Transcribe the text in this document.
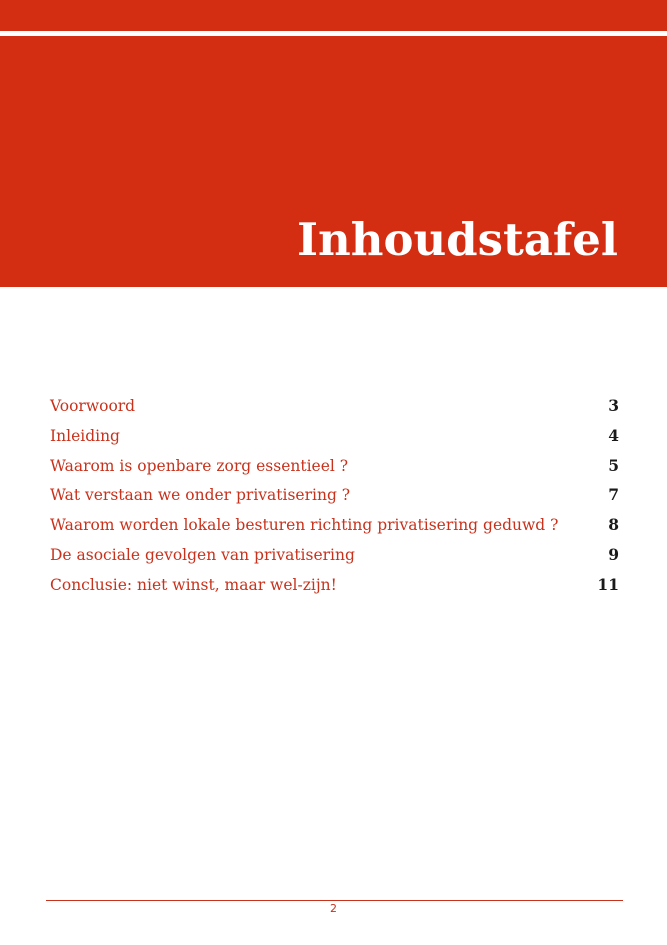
Inhoudstafel
Voorwoord	3
Inleiding	4
Waarom is openbare zorg essentieel ?	5
Wat verstaan we onder privatisering ?	7
Waarom worden lokale besturen richting privatisering geduwd ?	8
De asociale gevolgen van privatisering	9
Conclusie: niet winst, maar wel-zijn!	11
2
